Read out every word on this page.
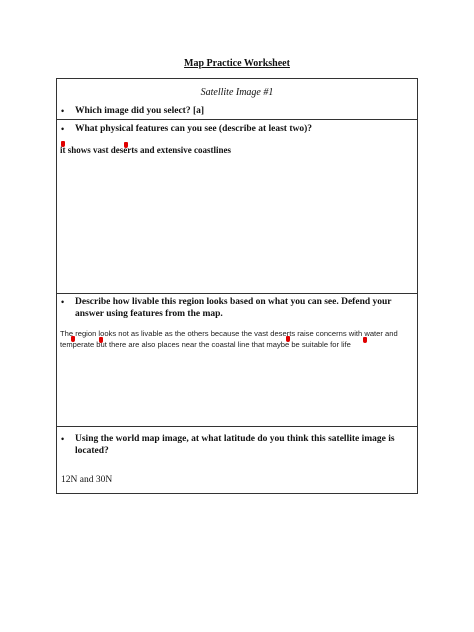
Map Practice Worksheet
Satellite Image #1
• Which image did you select? [a]
• What physical features can you see (describe at least two)?
it shows vast deserts and extensive coastlines
• Describe how livable this region looks based on what you can see. Defend your answer using features from the map.
The region looks not as livable as the others because the vast deserts raise concerns with water and temperate but there are also places near the coastal line that maybe be suitable for life
• Using the world map image, at what latitude do you think this satellite image is located?
12N and 30N
